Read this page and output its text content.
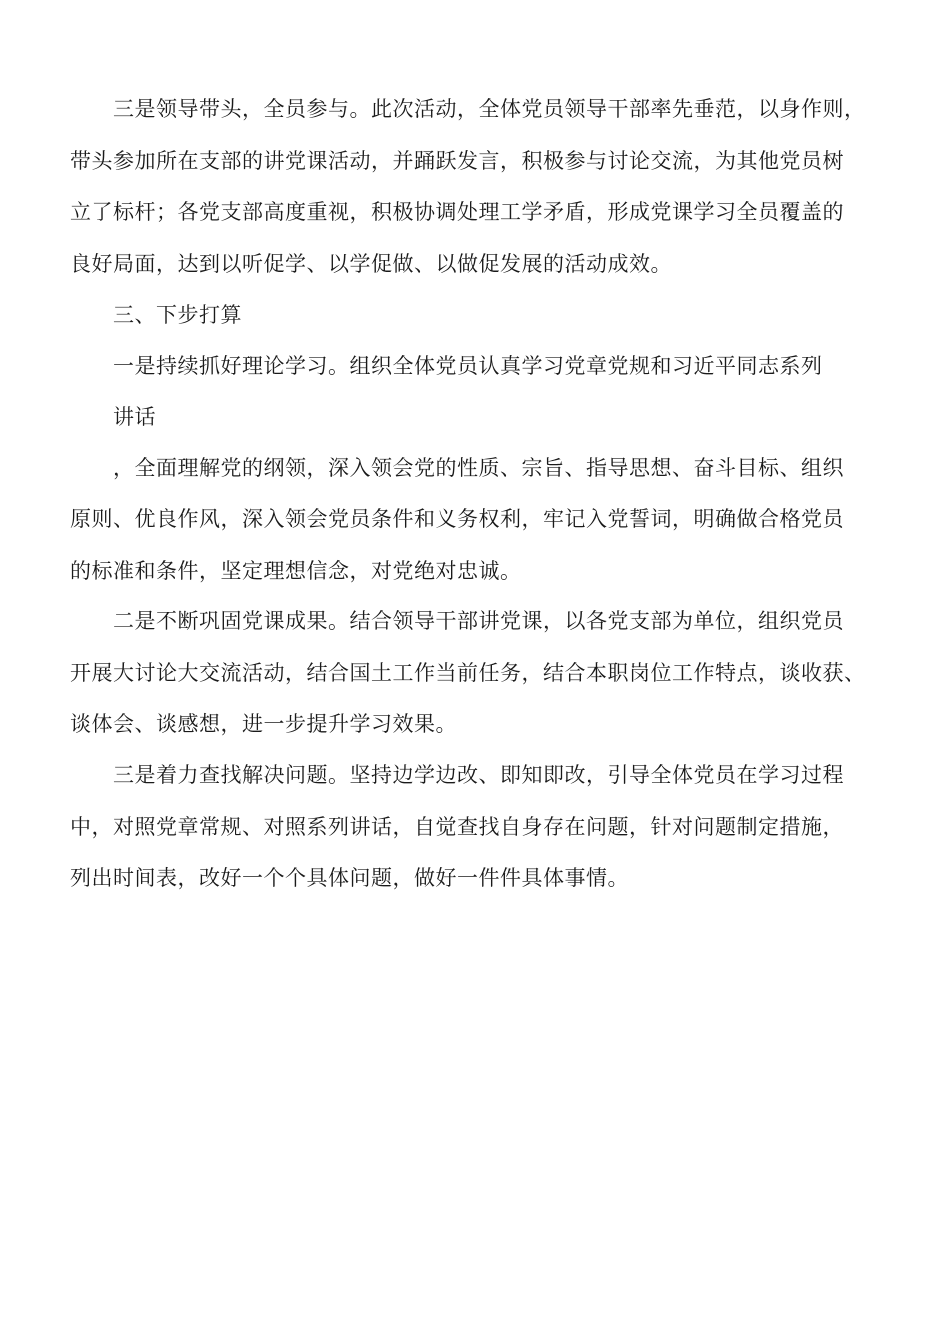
三是领导带头，全员参与。此次活动，全体党员领导干部率先垂范，以身作则，
带头参加所在支部的讲党课活动，并踊跃发言，积极参与讨论交流，为其他党员树
立了标杆；各党支部高度重视，积极协调处理工学矛盾，形成党课学习全员覆盖的
良好局面，达到以听促学、以学促做、以做促发展的活动成效。
三、下步打算
一是持续抓好理论学习。组织全体党员认真学习党章党规和习近平同志系列
讲话
，全面理解党的纲领，深入领会党的性质、宗旨、指导思想、奋斗目标、组织
原则、优良作风，深入领会党员条件和义务权利，牢记入党誓词，明确做合格党员
的标准和条件，坚定理想信念，对党绝对忠诚。
二是不断巩固党课成果。结合领导干部讲党课，以各党支部为单位，组织党员
开展大讨论大交流活动，结合国土工作当前任务，结合本职岗位工作特点，谈收获、
谈体会、谈感想，进一步提升学习效果。
三是着力查找解决问题。坚持边学边改、即知即改，引导全体党员在学习过程
中，对照党章常规、对照系列讲话，自觉查找自身存在问题，针对问题制定措施，
列出时间表，改好一个个具体问题，做好一件件具体事情。
